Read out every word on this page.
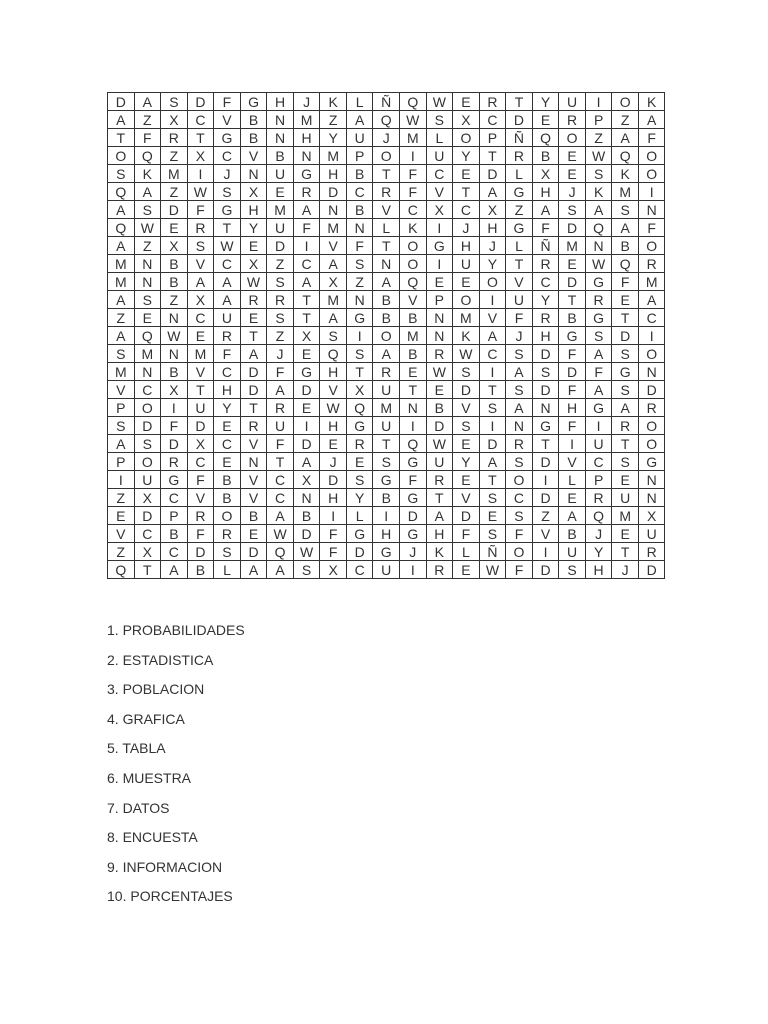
D	A	S	D	F	G	H	J	K	L	Ñ	Q	W	E	R	T	Y	U	I	O	K
A	Z	X	C	V	B	N	M	Z	A	Q	W	S	X	C	D	E	R	P	Z	A
T	F	R	T	G	B	N	H	Y	U	J	M	L	O	P	Ñ	Q	O	Z	A	F
O	Q	Z	X	C	V	B	N	M	P	O	I	U	Y	T	R	B	E	W	Q	O
S	K	M	I	J	N	U	G	H	B	T	F	C	E	D	L	X	E	S	K	O
Q	A	Z	W	S	X	E	R	D	C	R	F	V	T	A	G	H	J	K	M	I
A	S	D	F	G	H	M	A	N	B	V	C	X	C	X	Z	A	S	A	S	N
Q	W	E	R	T	Y	U	F	M	N	L	K	I	J	H	G	F	D	Q	A	F
A	Z	X	S	W	E	D	I	V	F	T	O	G	H	J	L	Ñ	M	N	B	O
M	N	B	V	C	X	Z	C	A	S	N	O	I	U	Y	T	R	E	W	Q	R
M	N	B	A	A	W	S	A	X	Z	A	Q	E	E	O	V	C	D	G	F	M
A	S	Z	X	A	R	R	T	M	N	B	V	P	O	I	U	Y	T	R	E	A
Z	E	N	C	U	E	S	T	A	G	B	B	N	M	V	F	R	B	G	T	C
A	Q	W	E	R	T	Z	X	S	I	O	M	N	K	A	J	H	G	S	D	I
S	M	N	M	F	A	J	E	Q	S	A	B	R	W	C	S	D	F	A	S	O
M	N	B	V	C	D	F	G	H	T	R	E	W	S	I	A	S	D	F	G	N
V	C	X	T	H	D	A	D	V	X	U	T	E	D	T	S	D	F	A	S	D
P	O	I	U	Y	T	R	E	W	Q	M	N	B	V	S	A	N	H	G	A	R
S	D	F	D	E	R	U	I	H	G	U	I	D	S	I	N	G	F	I	R	O
A	S	D	X	C	V	F	D	E	R	T	Q	W	E	D	R	T	I	U	T	O
P	O	R	C	E	N	T	A	J	E	S	G	U	Y	A	S	D	V	C	S	G
I	U	G	F	B	V	C	X	D	S	G	F	R	E	T	O	I	L	P	E	N
Z	X	C	V	B	V	C	N	H	Y	B	G	T	V	S	C	D	E	R	U	N
E	D	P	R	O	B	A	B	I	L	I	D	A	D	E	S	Z	A	Q	M	X
V	C	B	F	R	E	W	D	F	G	H	G	H	F	S	F	V	B	J	E	U
Z	X	C	D	S	D	Q	W	F	D	G	J	K	L	Ñ	O	I	U	Y	T	R
Q	T	A	B	L	A	A	S	X	C	U	I	R	E	W	F	D	S	H	J	D
1. PROBABILIDADES
2. ESTADISTICA
3. POBLACION
4. GRAFICA
5. TABLA
6. MUESTRA
7. DATOS
8. ENCUESTA
9. INFORMACION
10. PORCENTAJES
